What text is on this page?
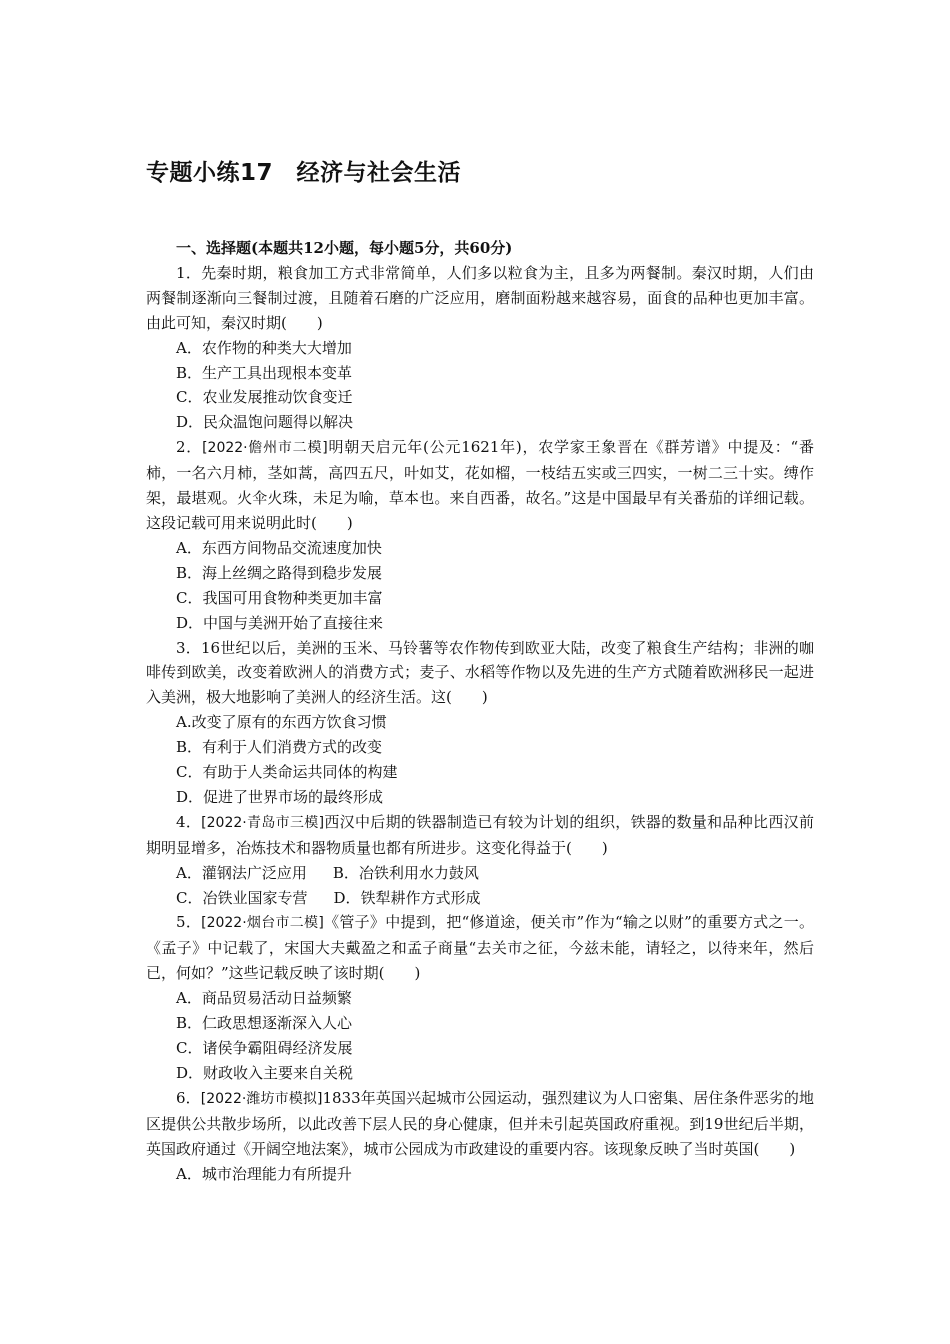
专题小练17　经济与社会生活

一、选择题(本题共12小题，每小题5分，共60分)

1．先秦时期，粮食加工方式非常简单，人们多以粒食为主，且多为两餐制。秦汉时期，人们由两餐制逐渐向三餐制过渡，且随着石磨的广泛应用，磨制面粉越来越容易，面食的品种也更加丰富。由此可知，秦汉时期(　　)

A．农作物的种类大大增加

B．生产工具出现根本变革

C．农业发展推动饮食变迁

D．民众温饱问题得以解决

2．[2022·儋州市二模]明朝天启元年(公元1621年)，农学家王象晋在《群芳谱》中提及：“番柿，一名六月柿，茎如蒿，高四五尺，叶如艾，花如榴，一枝结五实或三四实，一树二三十实。缚作架，最堪观。火伞火珠，未足为喻，草本也。来自西番，故名。”这是中国最早有关番茄的详细记载。这段记载可用来说明此时(　　)

A．东西方间物品交流速度加快

B．海上丝绸之路得到稳步发展

C．我国可用食物种类更加丰富

D．中国与美洲开始了直接往来

3．16世纪以后，美洲的玉米、马铃薯等农作物传到欧亚大陆，改变了粮食生产结构；非洲的咖啡传到欧美，改变着欧洲人的消费方式；麦子、水稻等作物以及先进的生产方式随着欧洲移民一起进入美洲，极大地影响了美洲人的经济生活。这(　　)

A.改变了原有的东西方饮食习惯

B．有利于人们消费方式的改变

C．有助于人类命运共同体的构建

D．促进了世界市场的最终形成

4．[2022·青岛市三模]西汉中后期的铁器制造已有较为计划的组织，铁器的数量和品种比西汉前期明显增多，冶炼技术和器物质量也都有所进步。这变化得益于(　　)

A．灌钢法广泛应用 B．冶铁利用水力鼓风

C．冶铁业国家专营 D．铁犁耕作方式形成

5．[2022·烟台市二模]《管子》中提到，把“修道途，便关市”作为“输之以财”的重要方式之一。《孟子》中记载了，宋国大夫戴盈之和孟子商量“去关市之征，今兹未能，请轻之，以待来年，然后已，何如？”这些记载反映了该时期(　　)

A．商品贸易活动日益频繁

B．仁政思想逐渐深入人心

C．诸侯争霸阻碍经济发展

D．财政收入主要来自关税

6．[2022·潍坊市模拟]1833年英国兴起城市公园运动，强烈建议为人口密集、居住条件恶劣的地区提供公共散步场所，以此改善下层人民的身心健康，但并未引起英国政府重视。到19世纪后半期，英国政府通过《开阔空地法案》，城市公园成为市政建设的重要内容。该现象反映了当时英国(　　)

A．城市治理能力有所提升
